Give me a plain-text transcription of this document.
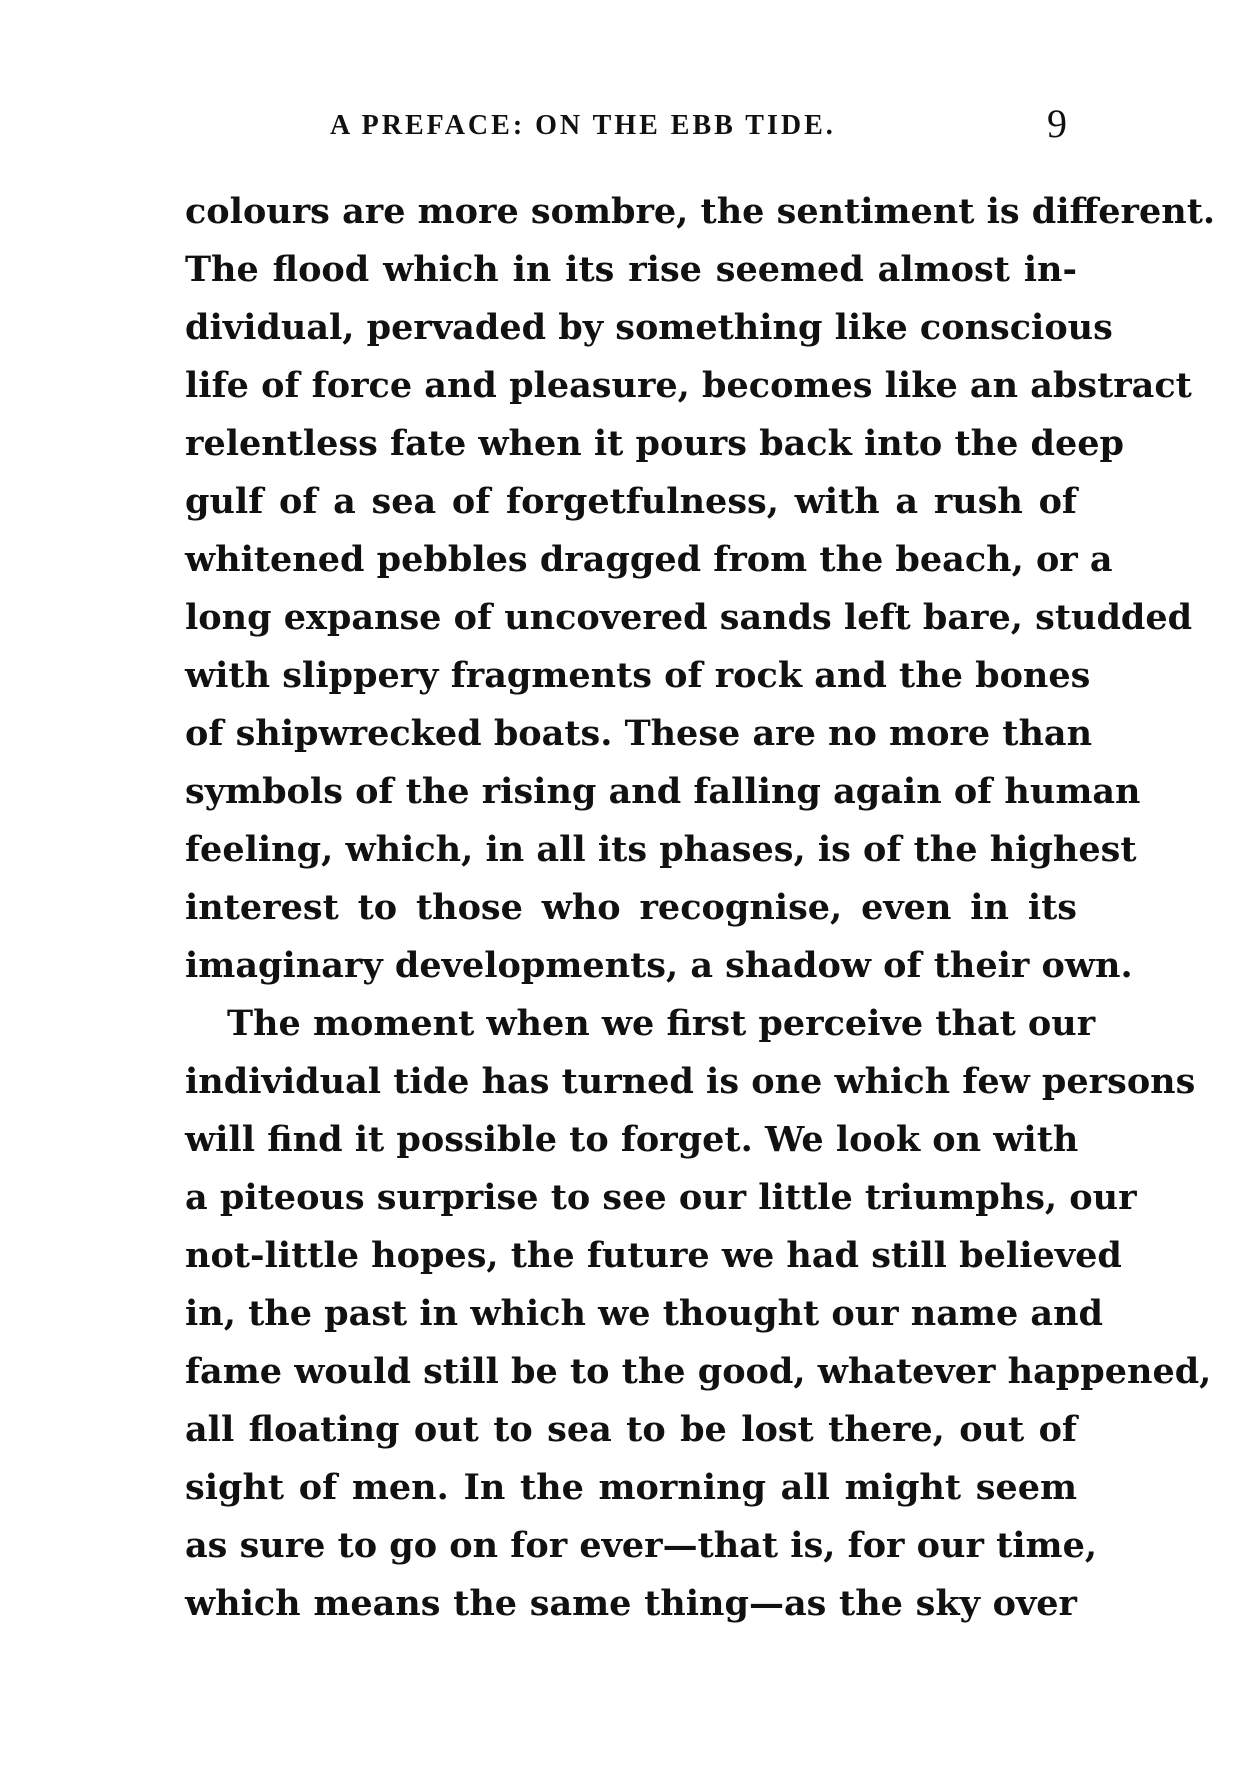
A PREFACE: ON THE EBB TIDE.	9
colours are more sombre, the sentiment is different.
The flood which in its rise seemed almost in-
dividual, pervaded by something like conscious
life of force and pleasure, becomes like an abstract
relentless fate when it pours back into the deep
gulf of a sea of forgetfulness, with a rush of
whitened pebbles dragged from the beach, or a
long expanse of uncovered sands left bare, studded
with slippery fragments of rock and the bones
of shipwrecked boats. These are no more than
symbols of the rising and falling again of human
feeling, which, in all its phases, is of the highest
interest to those who recognise, even in its
imaginary developments, a shadow of their own.
The moment when we first perceive that our
individual tide has turned is one which few persons
will find it possible to forget. We look on with
a piteous surprise to see our little triumphs, our
not-little hopes, the future we had still believed
in, the past in which we thought our name and
fame would still be to the good, whatever happened,
all floating out to sea to be lost there, out of
sight of men. In the morning all might seem
as sure to go on for ever—that is, for our time,
which means the same thing—as the sky over
